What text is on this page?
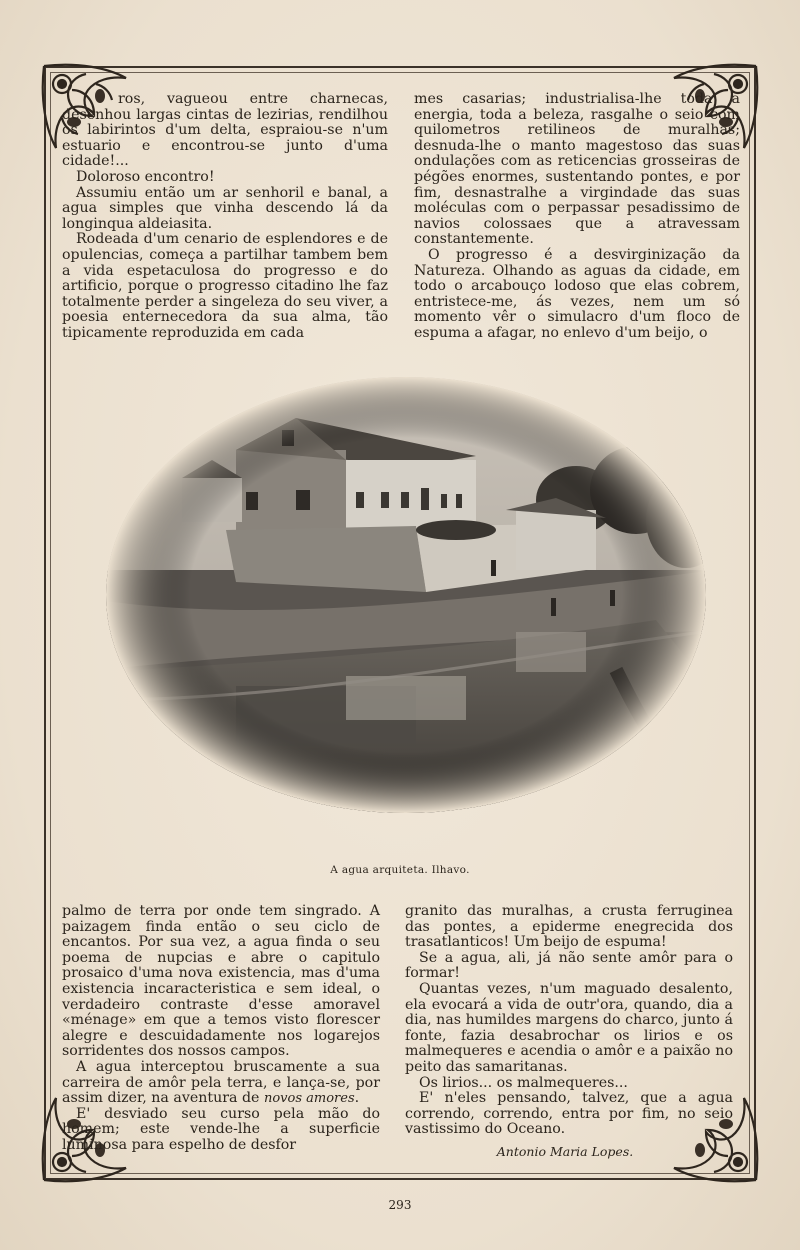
ros, vagueou entre charnecas, desenhou largas cintas de lezirias, rendilhou os labirintos d'um delta, espraiou-se n'um estuario e encontrou-se junto d'uma cidade!...

Doloroso encontro!

Assumiu então um ar senhoril e banal, a agua simples que vinha descendo lá da longinqua aldeiasita.

Rodeada d'um cenario de esplendores e de opulencias, começa a partilhar tambem bem a vida espetaculosa do progresso e do artificio, porque o progresso citadino lhe faz totalmente perder a singeleza do seu viver, a poesia enternecedora da sua alma, tão tipicamente reproduzida em cada

mes casarias; industrialisa-lhe toda a energia, toda a beleza, rasgalhe o seio com quilometros retilineos de muralhas; desnuda-lhe o manto magestoso das suas ondulações com as reticencias grosseiras de pégões enormes, sustentando pontes, e por fim, desnastralhe a virgindade das suas moléculas com o perpassar pesadissimo de navios colossaes que a atravessam constantemente.

O progresso é a desvirginização da Natureza. Olhando as aguas da cidade, em todo o arcabouço lodoso que elas cobrem, entristece-me, ás vezes, nem um só momento vêr o simulacro d'um floco de espuma a afagar, no enlevo d'um beijo, o

A agua arquiteta. Ilhavo.

palmo de terra por onde tem singrado. A paizagem finda então o seu ciclo de encantos. Por sua vez, a agua finda o seu poema de nupcias e abre o capitulo prosaico d'uma nova existencia, mas d'uma existencia incaracteristica e sem ideal, o verdadeiro contraste d'esse amoravel «ménage» em que a temos visto florescer alegre e descuidadamente nos logarejos sorridentes dos nossos campos.

A agua interceptou bruscamente a sua carreira de amôr pela terra, e lança-se, por assim dizer, na aventura de novos amores.

E' desviado seu curso pela mão do homem; este vende-lhe a superficie luminosa para espelho de desfor

granito das muralhas, a crusta ferruginea das pontes, a epiderme enegrecida dos trasatlanticos! Um beijo de espuma!

Se a agua, ali, já não sente amôr para o formar!

Quantas vezes, n'um maguado desalento, ela evocará a vida de outr'ora, quando, dia a dia, nas humildes margens do charco, junto á fonte, fazia desabrochar os lirios e os malmequeres e acendia o amôr e a paixão no peito das samaritanas.

Os lirios... os malmequeres...

E' n'eles pensando, talvez, que a agua correndo, correndo, entra por fim, no seio vastissimo do Oceano.

Antonio Maria Lopes.
293
